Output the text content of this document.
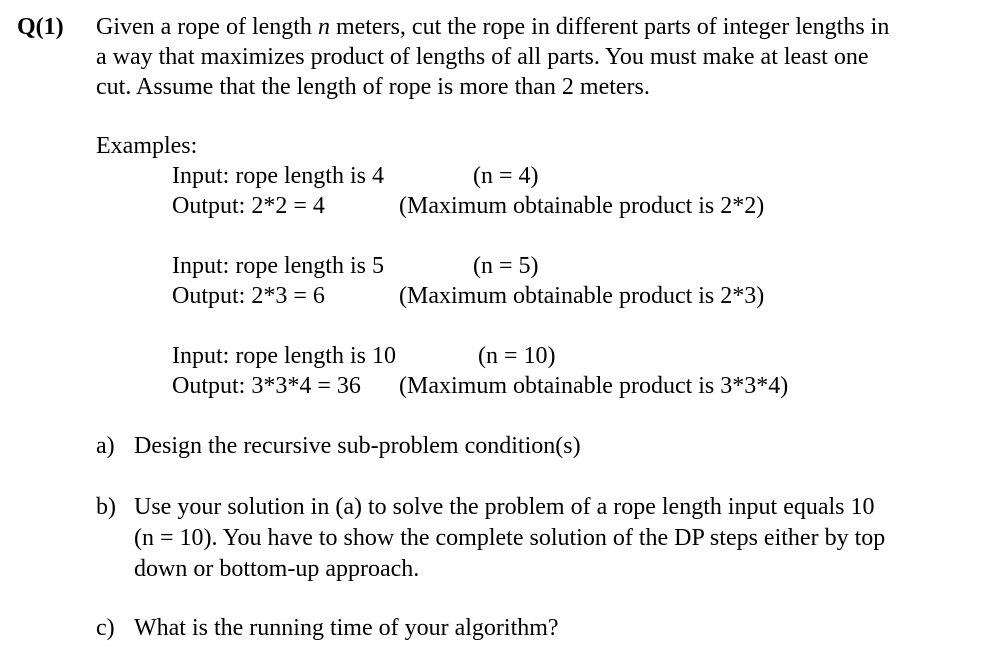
Q(1) Given a rope of length n meters, cut the rope in different parts of integer lengths in
a way that maximizes product of lengths of all parts. You must make at least one
cut. Assume that the length of rope is more than 2 meters.
Examples:
Input: rope length is 4	(n = 4)
Output: 2*2 = 4	(Maximum obtainable product is 2*2)
Input: rope length is 5	(n = 5)
Output: 2*3 = 6	(Maximum obtainable product is 2*3)
Input: rope length is 10	(n = 10)
Output: 3*3*4 = 36 (Maximum obtainable product is 3*3*4)
a) Design the recursive sub-problem condition(s)
b) Use your solution in (a) to solve the problem of a rope length input equals 10
(n = 10). You have to show the complete solution of the DP steps either by top
down or bottom-up approach.
c) What is the running time of your algorithm?
